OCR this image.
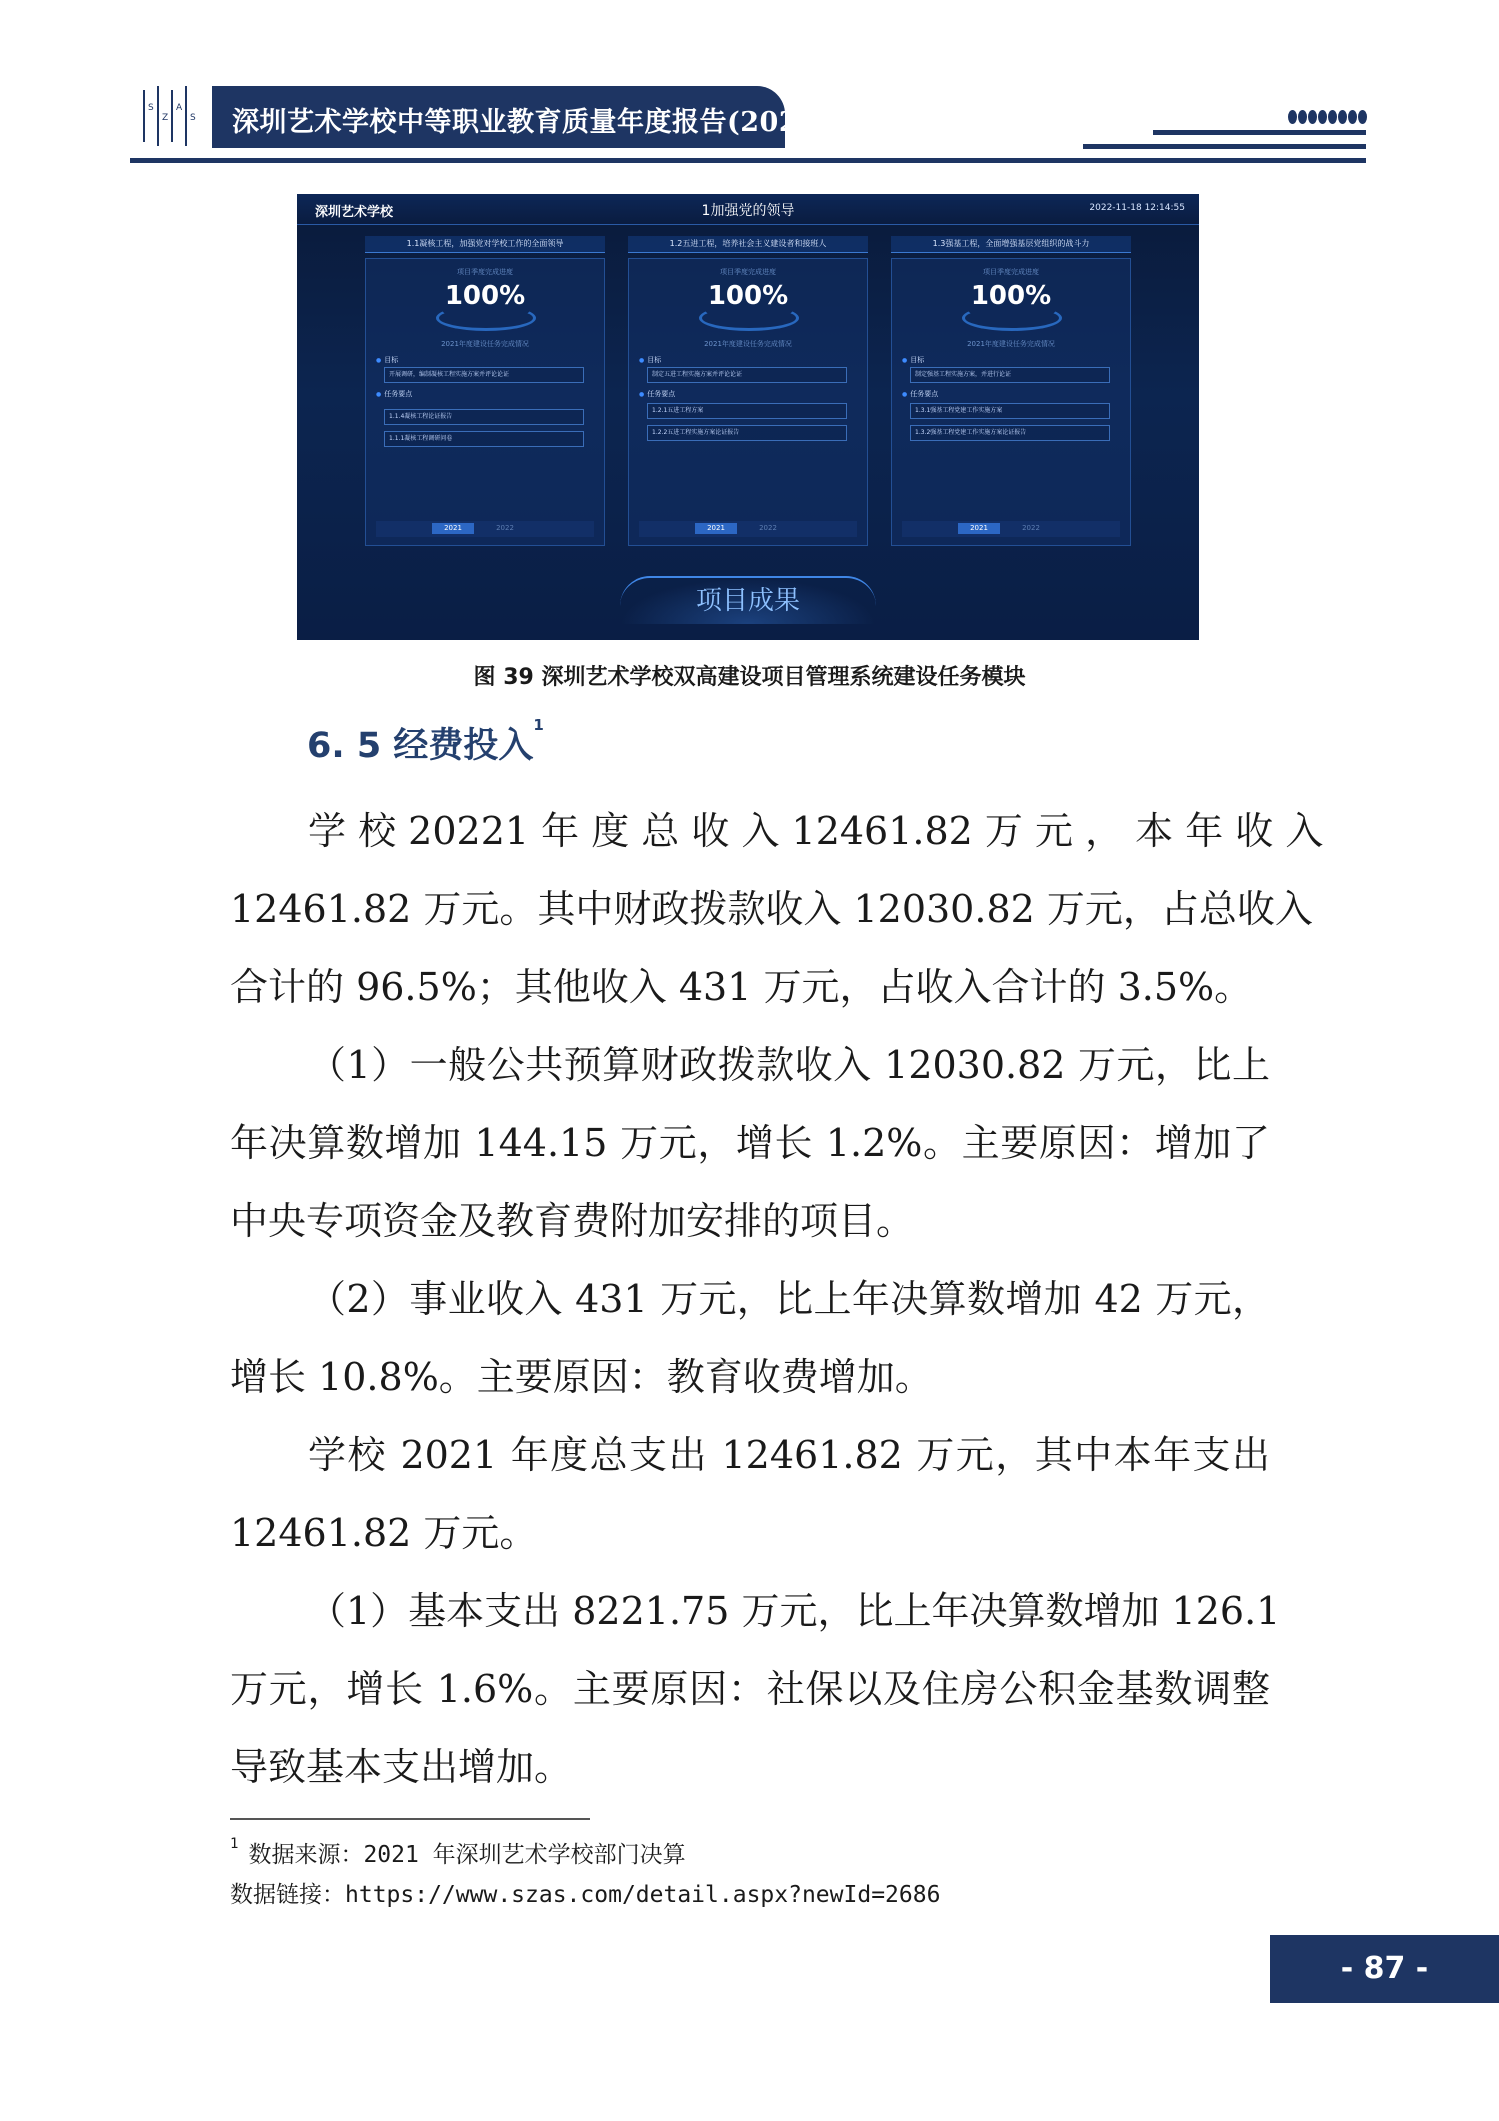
S
Z
A
S 深圳艺术学校中等职业教育质量年度报告(2023)
深圳艺术学校	1加强党的领导	2022-11-18 12:14:55
1.1凝核工程，加强党对学校工作的全面领导
项目季度完成进度
100%
2021年度建设任务完成情况
● 目标
开展调研，编制凝核工程实施方案并评论论证
● 任务要点
1.1.4凝核工程论证报告
1.1.1凝核工程调研问卷
2021	2022
1.2五进工程，培养社会主义建设者和接班人
项目季度完成进度
100%
2021年度建设任务完成情况
● 目标
制定五进工程实施方案并评论论证
● 任务要点
1.2.1五进工程方案
1.2.2五进工程实施方案论证报告
2021	2022
1.3强基工程，全面增强基层党组织的战斗力
项目季度完成进度
100%
2021年度建设任务完成情况
● 目标
制定强基工程实施方案，并进行论证
● 任务要点
1.3.1强基工程党建工作实施方案
1.3.2强基工程党建工作实施方案论证报告
2021	2022
项目成果
图 39 深圳艺术学校双高建设项目管理系统建设任务模块
6. 5 经费投入$^1$
学 校 20221 年 度 总 收 入 12461.82 万 元 ， 本 年 收 入
12461.82 万元。其中财政拨款收入 12030.82 万元，占总收入
合计的 96.5%；其他收入 431 万元，占收入合计的 3.5%。
（1）一般公共预算财政拨款收入 12030.82 万元，比上
年决算数增加 144.15 万元，增长 1.2%。主要原因：增加了
中央专项资金及教育费附加安排的项目。
（2）事业收入 431 万元，比上年决算数增加 42 万元，
增长 10.8%。主要原因：教育收费增加。
学校 2021 年度总支出 12461.82 万元，其中本年支出
12461.82 万元。
（1）基本支出 8221.75 万元，比上年决算数增加 126.1
万元，增长 1.6%。主要原因：社保以及住房公积金基数调整
导致基本支出增加。
$^1$ 数据来源：2021 年深圳艺术学校部门决算
数据链接：https://www.szas.com/detail.aspx?newId=2686
- 87 -
